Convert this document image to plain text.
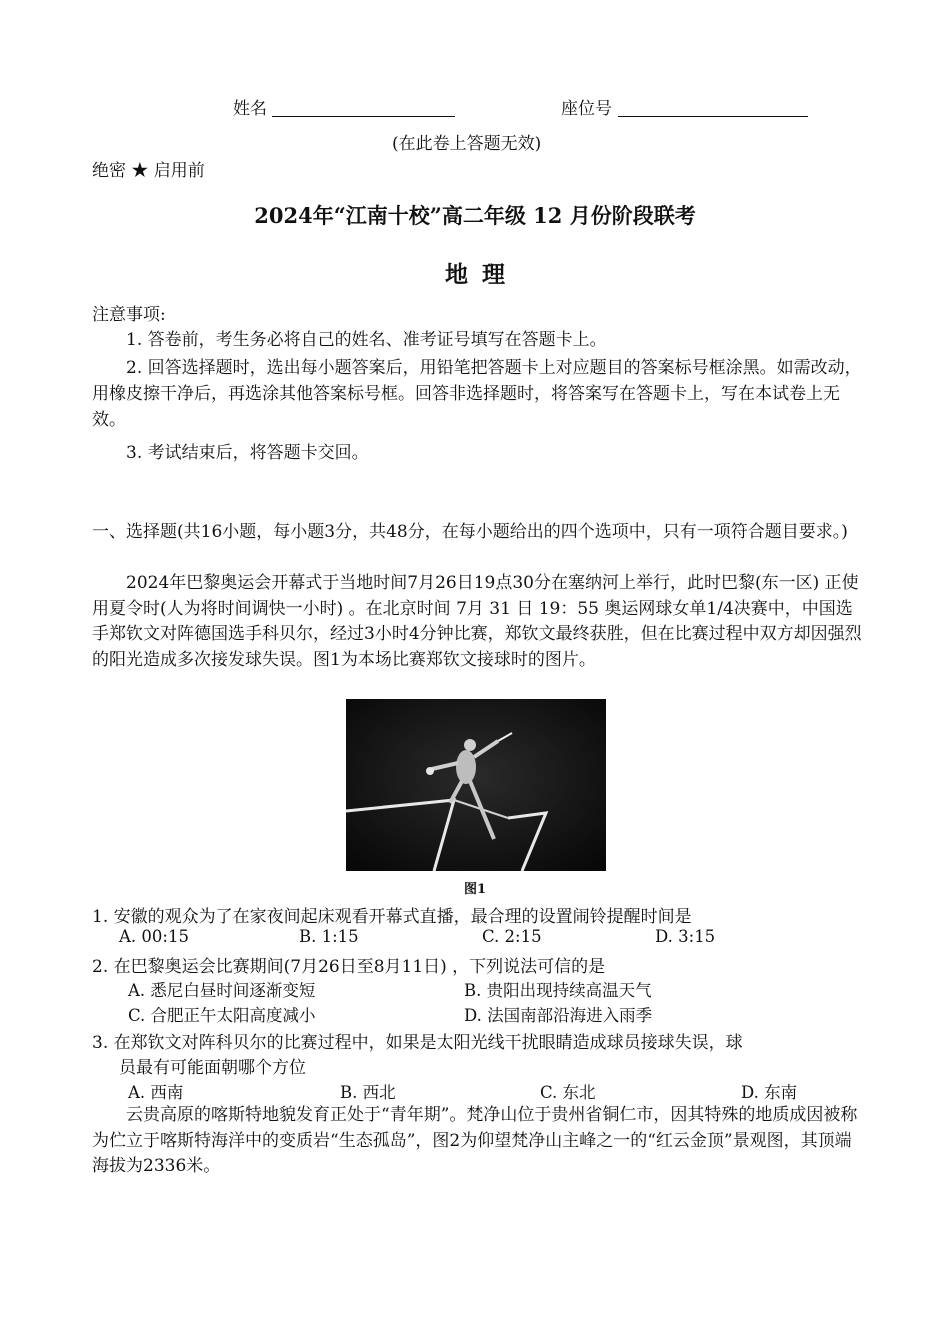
姓名	座位号
(在此卷上答题无效)
绝密 ★ 启用前
2024年“江南十校”高二年级 12 月份阶段联考
地理
注意事项:
1. 答卷前，考生务必将自己的姓名、准考证号填写在答题卡上。
2. 回答选择题时，选出每小题答案后，用铅笔把答题卡上对应题目的答案标号框涂黑。如需改动，用橡皮擦干净后，再选涂其他答案标号框。回答非选择题时，将答案写在答题卡上，写在本试卷上无效。
3. 考试结束后，将答题卡交回。
一、选择题(共16小题，每小题3分，共48分，在每小题给出的四个选项中，只有一项符合题目要求。)
2024年巴黎奥运会开幕式于当地时间7月26日19点30分在塞纳河上举行，此时巴黎(东一区) 正使用夏令时(人为将时间调快一小时) 。在北京时间 7月 31 日 19：55 奥运网球女单1/4决赛中，中国选手郑钦文对阵德国选手科贝尔，经过3小时4分钟比赛，郑钦文最终获胜，但在比赛过程中双方却因强烈的阳光造成多次接发球失误。图1为本场比赛郑钦文接球时的图片。
图1
1. 安徽的观众为了在家夜间起床观看开幕式直播，最合理的设置闹铃提醒时间是
A. 00:15	B. 1:15	C. 2:15	D. 3:15
2. 在巴黎奥运会比赛期间(7月26日至8月11日) ，下列说法可信的是
A. 悉尼白昼时间逐渐变短	B. 贵阳出现持续高温天气
C. 合肥正午太阳高度减小	D. 法国南部沿海进入雨季
3. 在郑钦文对阵科贝尔的比赛过程中，如果是太阳光线干扰眼睛造成球员接球失误，球
员最有可能面朝哪个方位
A. 西南	B. 西北	C. 东北	D. 东南
云贵高原的喀斯特地貌发育正处于“青年期”。梵净山位于贵州省铜仁市，因其特殊的地质成因被称为伫立于喀斯特海洋中的变质岩“生态孤岛”，图2为仰望梵净山主峰之一的“红云金顶”景观图，其顶端海拔为2336米。
